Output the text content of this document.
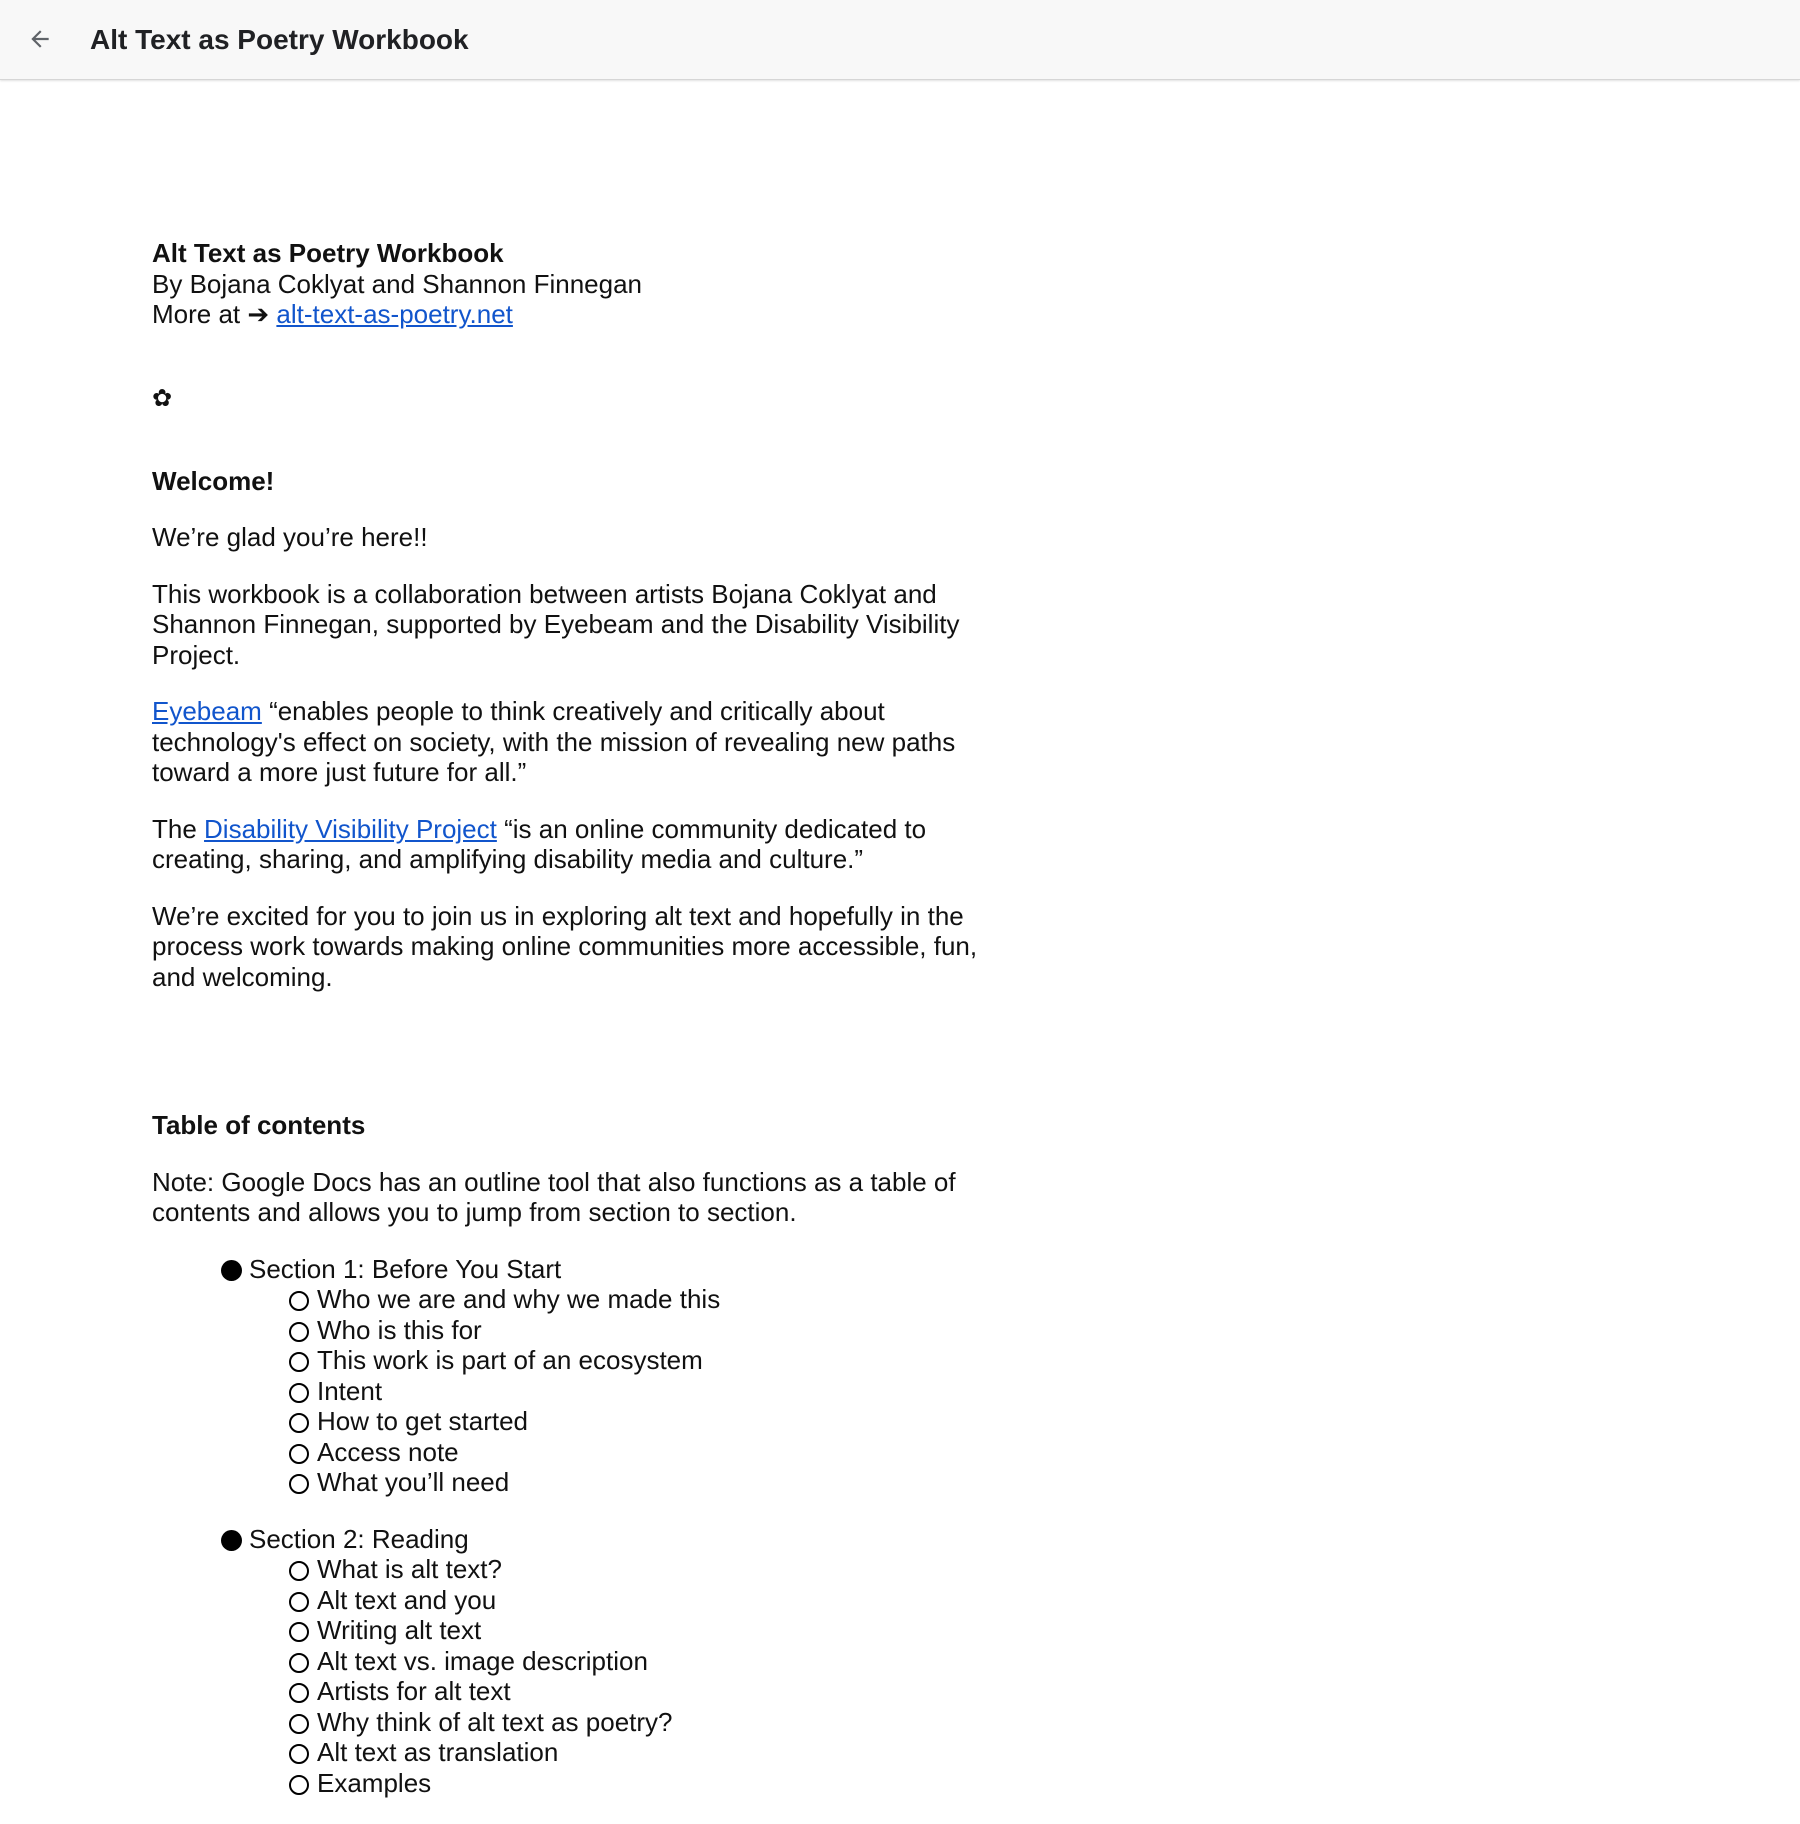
Alt Text as Poetry Workbook

Alt Text as Poetry Workbook

By Bojana Coklyat and Shannon Finnegan

More at ➔ alt-text-as-poetry.net

✿

Welcome!

We’re glad you’re here!!

This workbook is a collaboration between artists Bojana Coklyat and Shannon Finnegan, supported by Eyebeam and the Disability Visibility Project.

Eyebeam “enables people to think creatively and critically about technology's effect on society, with the mission of revealing new paths toward a more just future for all.”

The Disability Visibility Project “is an online community dedicated to creating, sharing, and amplifying disability media and culture.”

We’re excited for you to join us in exploring alt text and hopefully in the process work towards making online communities more accessible, fun, and welcoming.

Table of contents

Note: Google Docs has an outline tool that also functions as a table of contents and allows you to jump from section to section.

Section 1: Before You Start
Who we are and why we made this
Who is this for
This work is part of an ecosystem
Intent
How to get started
Access note
What you’ll need
Section 2: Reading
What is alt text?
Alt text and you
Writing alt text
Alt text vs. image description
Artists for alt text
Why think of alt text as poetry?
Alt text as translation
Examples
